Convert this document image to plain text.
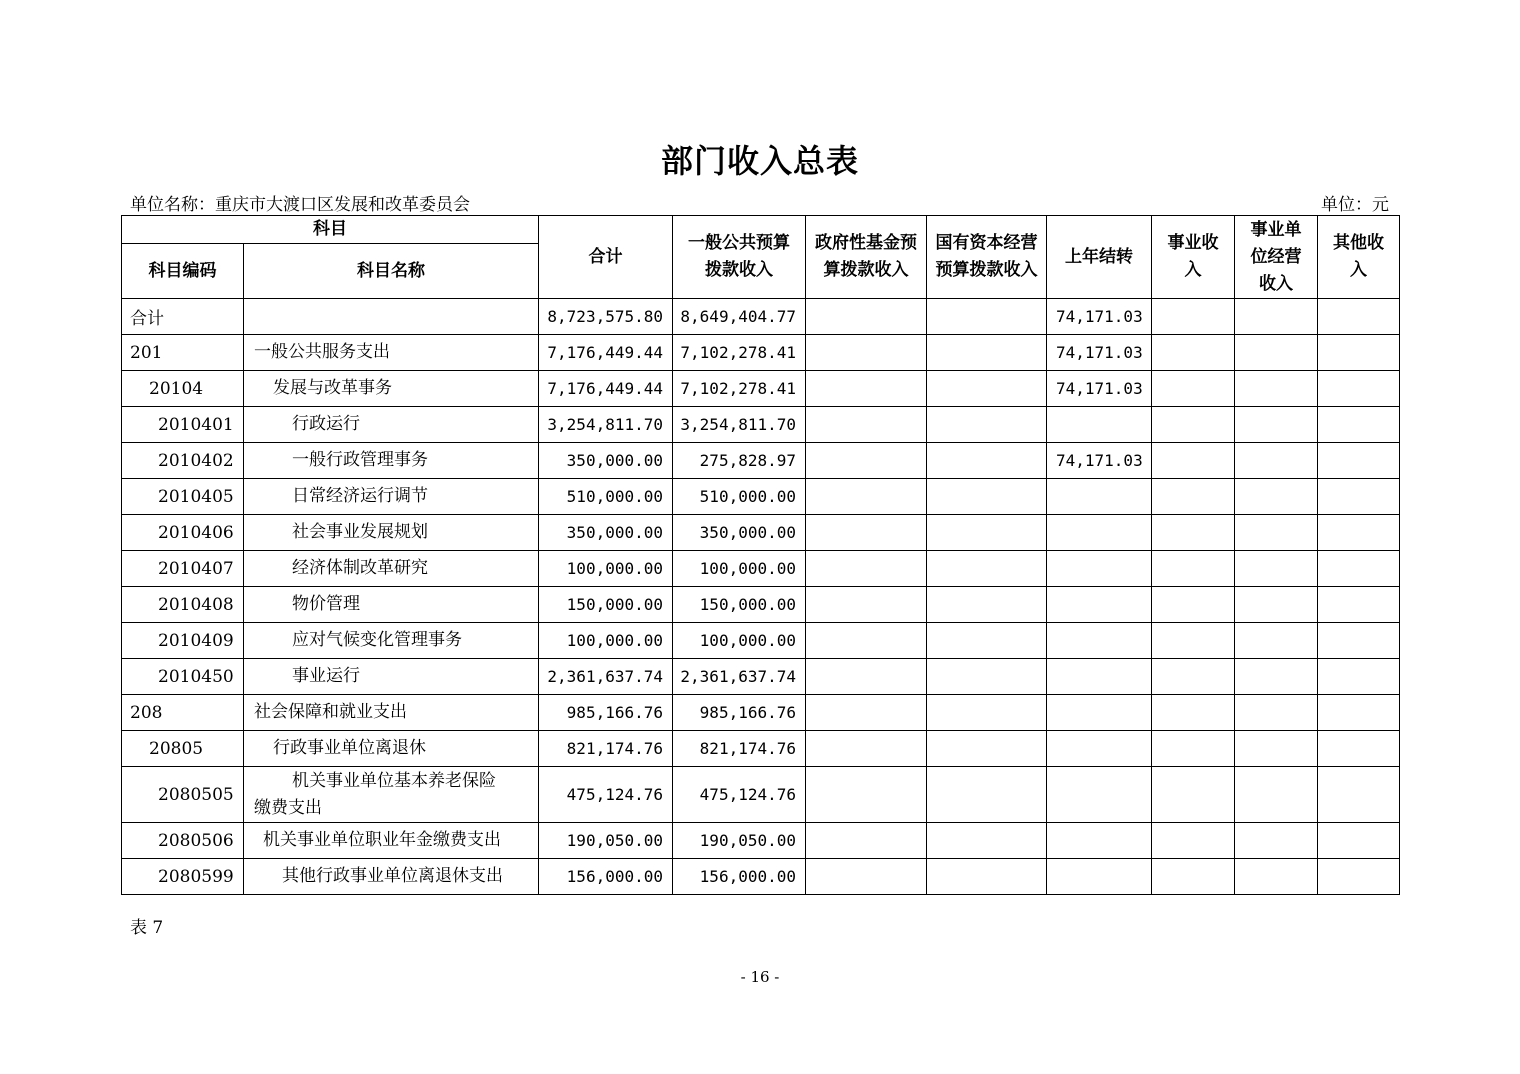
部门收入总表
单位名称：重庆市大渡口区发展和改革委员会	单位：元
科目		合计	一般公共预算拨款收入	政府性基金预算拨款收入	国有资本经营预算拨款收入	上年结转	事业收入	事业单位经营收入	其他收入
科目编码	科目名称								
合计		8,723,575.80	8,649,404.77			74,171.03			
201	一般公共服务支出	7,176,449.44	7,102,278.41			74,171.03			
20104	发展与改革事务	7,176,449.44	7,102,278.41			74,171.03			
2010401	行政运行	3,254,811.70	3,254,811.70						
2010402	一般行政管理事务	350,000.00	275,828.97			74,171.03			
2010405	日常经济运行调节	510,000.00	510,000.00						
2010406	社会事业发展规划	350,000.00	350,000.00						
2010407	经济体制改革研究	100,000.00	100,000.00						
2010408	物价管理	150,000.00	150,000.00						
2010409	应对气候变化管理事务	100,000.00	100,000.00						
2010450	事业运行	2,361,637.74	2,361,637.74						
208	社会保障和就业支出	985,166.76	985,166.76						
20805	行政事业单位离退休	821,174.76	821,174.76						
2080505	机关事业单位基本养老保险
缴费支出	475,124.76	475,124.76						
2080506	机关事业单位职业年金缴费支出	190,050.00	190,050.00						
2080599	其他行政事业单位离退休支出	156,000.00	156,000.00						
表 7
- 16 -
